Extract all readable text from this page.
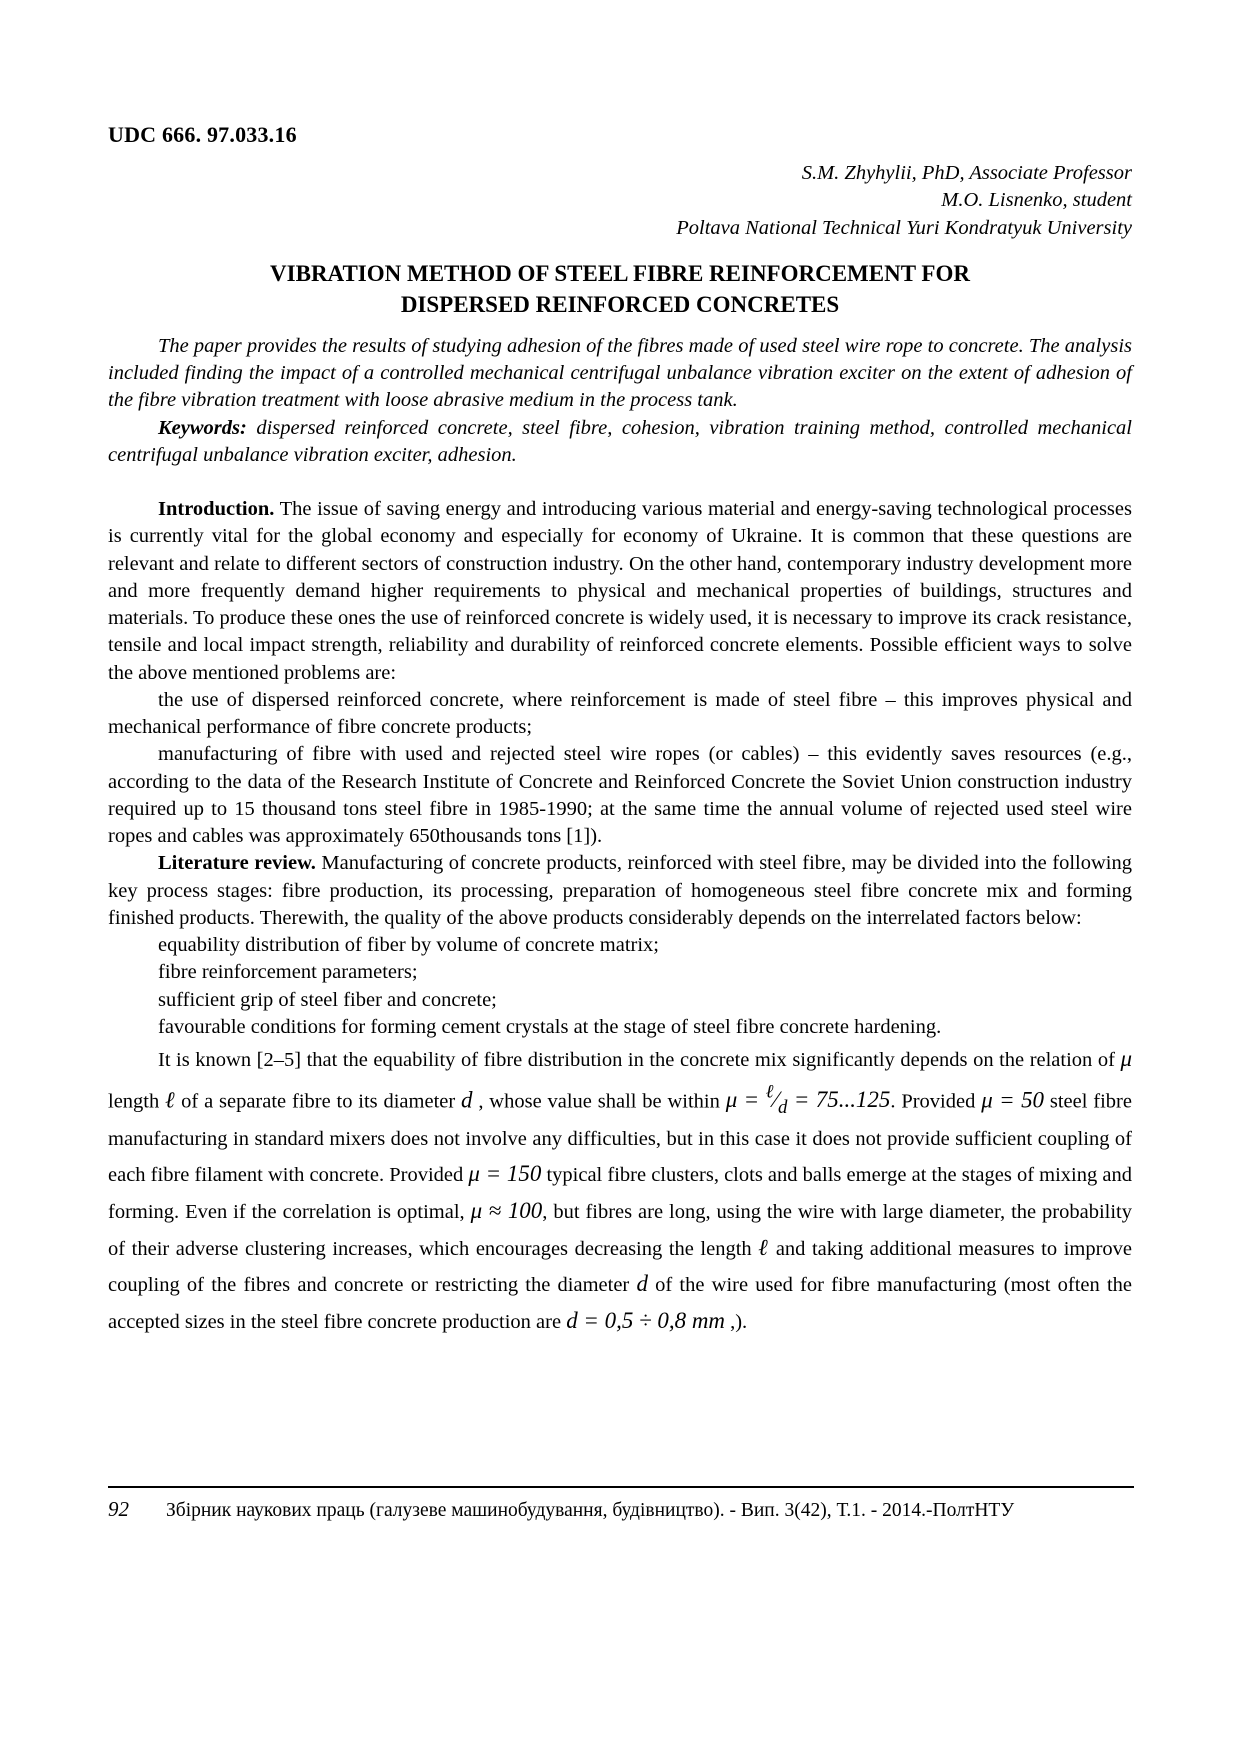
UDC 666. 97.033.16
S.M. Zhyhylii, PhD, Associate Professor
M.O. Lisnenko, student
Poltava National Technical Yuri Kondratyuk University
VIBRATION METHOD OF STEEL FIBRE REINFORCEMENT FOR
DISPERSED REINFORCED CONCRETES

The paper provides the results of studying adhesion of the fibres made of used steel wire rope to concrete. The analysis included finding the impact of a controlled mechanical centrifugal unbalance vibration exciter on the extent of adhesion of the fibre vibration treatment with loose abrasive medium in the process tank.

Keywords: dispersed reinforced concrete, steel fibre, cohesion, vibration training method, controlled mechanical centrifugal unbalance vibration exciter, adhesion.

Introduction. The issue of saving energy and introducing various material and energy-saving technological processes is currently vital for the global economy and especially for economy of Ukraine. It is common that these questions are relevant and relate to different sectors of construction industry. On the other hand, contemporary industry development more and more frequently demand higher requirements to physical and mechanical properties of buildings, structures and materials. To produce these ones the use of reinforced concrete is widely used, it is necessary to improve its crack resistance, tensile and local impact strength, reliability and durability of reinforced concrete elements. Possible efficient ways to solve the above mentioned problems are:

the use of dispersed reinforced concrete, where reinforcement is made of steel fibre – this improves physical and mechanical performance of fibre concrete products;

manufacturing of fibre with used and rejected steel wire ropes (or cables) – this evidently saves resources (e.g., according to the data of the Research Institute of Concrete and Reinforced Concrete the Soviet Union construction industry required up to 15 thousand tons steel fibre in 1985-1990; at the same time the annual volume of rejected used steel wire ropes and cables was approximately 650thousands tons [1]).

Literature review. Manufacturing of concrete products, reinforced with steel fibre, may be divided into the following key process stages: fibre production, its processing, preparation of homogeneous steel fibre concrete mix and forming finished products. Therewith, the quality of the above products considerably depends on the interrelated factors below:

equability distribution of fiber by volume of concrete matrix;

fibre reinforcement parameters;

sufficient grip of steel fiber and concrete;

favourable conditions for forming cement crystals at the stage of steel fibre concrete hardening.

It is known [2–5] that the equability of fibre distribution in the concrete mix significantly depends on the relation of μ length ℓ of a separate fibre to its diameter d , whose value shall be within $\mu = ^\ell⁄_d = 75...125$. Provided μ = 50 steel fibre manufacturing in standard mixers does not involve any difficulties, but in this case it does not provide sufficient coupling of each fibre filament with concrete. Provided μ = 150 typical fibre clusters, clots and balls emerge at the stages of mixing and forming. Even if the correlation is optimal, μ ≈ 100, but fibres are long, using the wire with large diameter, the probability of their adverse clustering increases, which encourages decreasing the length ℓ and taking additional measures to improve coupling of the fibres and concrete or restricting the diameter d of the wire used for fibre manufacturing (most often the accepted sizes in the steel fibre concrete production are d = 0,5 ÷ 0,8 mm ,).

92	Збірник наукових праць (галузеве машинобудування, будівництво). - Вип. 3(42), Т.1. - 2014.-ПолтНТУ
